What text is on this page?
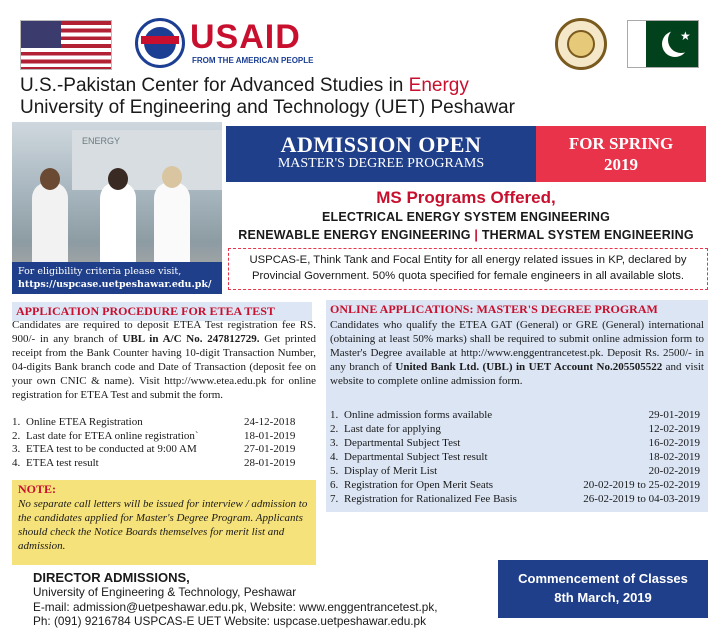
USAID
FROM THE AMERICAN PEOPLE
★
U.S.-Pakistan Center for Advanced Studies in Energy
University of Engineering and Technology (UET) Peshawar
ENERGY
For eligibility criteria please visit,
https://uspcase.uetpeshawar.edu.pk/
ADMISSION OPEN
MASTER'S DEGREE PROGRAMS
FOR SPRING
2019
MS Programs Offered,
ELECTRICAL ENERGY SYSTEM ENGINEERING
RENEWABLE ENERGY ENGINEERING | THERMAL SYSTEM ENGINEERING
USPCAS-E, Think Tank and Focal Entity for all energy related issues in KP, declared by
Provincial Government. 50% quota specified for female engineers in all available slots.
APPLICATION PROCEDURE FOR ETEA TEST
Candidates are required to deposit ETEA Test registration fee RS. 900/- in any branch of UBL in A/C No. 247812729. Get printed receipt from the Bank Counter having 10-digit Transaction Number, 04-digits Bank branch code and Date of Transaction (deposit fee on your own CNIC & name). Visit http://www.etea.edu.pk for online registration for ETEA Test and submit the form.
1. Online ETEA Registration	24-12-2018
2. Last date for ETEA online registration`	18-01-2019
3. ETEA test to be conducted at 9:00 AM	27-01-2019
4. ETEA test result	28-01-2019
NOTE:
No separate call letters will be issued for interview / admission to the candidates applied for Master's Degree Program. Applicants should check the Notice Boards themselves for merit list and admission.
ONLINE APPLICATIONS: MASTER'S DEGREE PROGRAM
Candidates who qualify the ETEA GAT (General) or GRE (General) international (obtaining at least 50% marks) shall be required to submit online admission form to Master's Degree available at http://www.enggentrancetest.pk. Deposit Rs. 2500/- in any branch of United Bank Ltd. (UBL) in UET Account No.205505522 and visit website to complete online admission form.
1. Online admission forms available	29-01-2019
2. Last date for applying	12-02-2019
3. Departmental Subject Test	16-02-2019
4. Departmental Subject Test result	18-02-2019
5. Display of Merit List	20-02-2019
6. Registration for Open Merit Seats	20-02-2019 to 25-02-2019
7. Registration for Rationalized Fee Basis	26-02-2019 to 04-03-2019
DIRECTOR ADMISSIONS,
University of Engineering & Technology, Peshawar
E-mail: admission@uetpeshawar.edu.pk, Website: www.enggentrancetest.pk,
Ph: (091) 9216784 USPCAS-E UET Website: uspcase.uetpeshawar.edu.pk
Commencement of Classes
8th March, 2019
